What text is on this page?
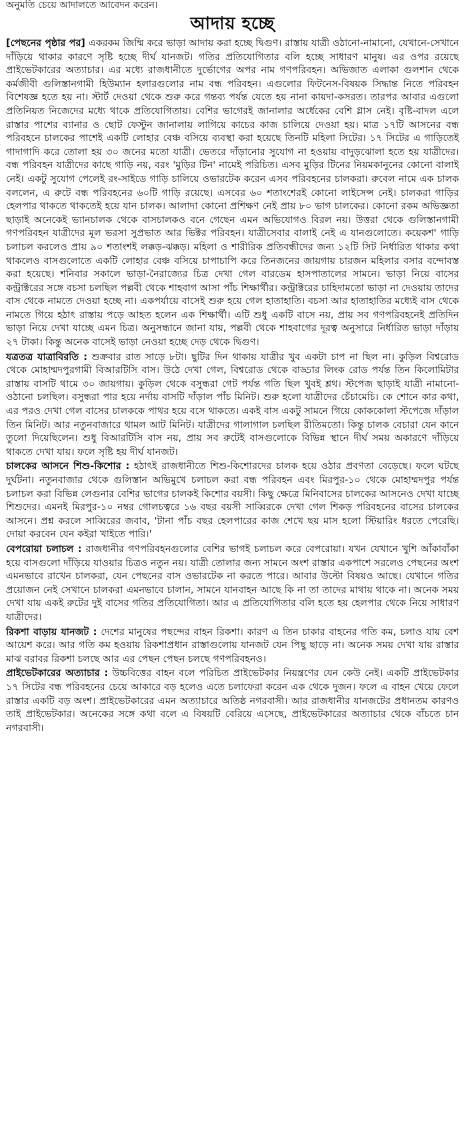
অনুমতি চেয়ে আদালতে আবেদন করেন।
আদায় হচ্ছে

[পেছনের পৃষ্ঠার পর] একরকম জিম্মি করে ভাড়া আদায় করা হচ্ছে দ্বিগুণ। রাস্তায় যাত্রী ওঠানো-নামানো, যেখানে-সেখানে দাঁড়িয়ে থাকার কারণে সৃষ্টি হচ্ছে দীর্ঘ যানজট। গতির প্রতিযোগিতার বলি হচ্ছে সাধারণ মানুষ। এর ওপর রয়েছে প্রাইভেটকারের অত্যাচার। এর মধ্যে রাজধানীতে দুর্ভোগের অপর নাম গণপরিবহন। অভিজাত এলাকা গুলশান থেকে কর্মজীবী গুলিস্তানগামী হিউম্যান হলারগুলোর নাম বন্ধ পরিবহন। এগুলোর ফিটনেস-বিষয়ক সিদ্ধান্ত নিতে পরিবহন বিশেষজ্ঞ হতে হয় না। স্টার্ট দেওয়া থেকে শুরু করে গন্তব্য পর্যন্ত যেতে হয় নানা কায়দা-কসরত। তারপর আবার এগুলো প্রতিনিয়ত নিজেদের মধ্যে থাকে প্রতিযোগিতায়। বেশির ভাগেরই জানালার অর্ধেকের বেশি গ্লাস নেই। বৃষ্টি-বাদল এলে রাস্তার পাশের ব্যানার ও ছোট ফেস্টুন জানালায় লাগিয়ে কাচের কাজ চালিয়ে দেওয়া হয়। মাত্র ১৭টি আসনের বন্ধ পরিবহনে চালকের পাশেই একটি লোহার বেঞ্চ বসিয়ে ব্যবস্থা করা হয়েছে তিনটি মহিলা সিটের। ১৭ সিটের এ গাড়িতেই গাদাগাদি করে তোলা হয় ৩০ জনের মতো যাত্রী। ভেতরে দাঁড়ানোর সুযোগ না হওয়ায় বাদুড়ঝোলা হতে হয় যাত্রীদের। বন্ধ পরিবহন যাত্রীদের কাছে গাড়ি নয়, বরং 'মুড়ির টিন' নামেই পরিচিত। এসব মুড়ির টিনের নিয়মকানুনের কোনো বালাই নেই। একটু সুযোগ পেলেই রং-সাইডে গাড়ি চালিয়ে ওভারটেক করেন এসব পরিবহনের চালকরা। রুবেল নামে এক চালক বললেন, এ রুটে বন্ধ পরিবহনের ৬০টি গাড়ি রয়েছে। এসবের ৬০ শতাংশেরই কোনো লাইসেন্স নেই। চালকরা গাড়ির হেলপার থাকতে থাকতেই হয়ে যান চালক। আলাদা কোনো প্রশিক্ষণ নেই প্রায় ৮০ ভাগ চালকের। কোনো রকম অভিজ্ঞতা ছাড়াই অনেকেই ভ্যানচালক থেকে বাসচালকও বনে গেছেন এমন অভিযোগও বিরল নয়। উত্তরা থেকে গুলিস্তানগামী গণপরিবহন যাত্রীদের মূল ভরসা সুপ্রভাত আর ভিক্টর পরিবহন। যাত্রীসেবার বালাই নেই এ যানগুলোতে। কয়েকশ' গাড়ি চলাচল করলেও প্রায় ৯০ শতাংশই লক্কড়-ঝক্কড়। মহিলা ও শারীরিক প্রতিবন্ধীদের জন্য ১২টি সিট নির্ধারিত থাকার কথা থাকলেও বাসগুলোতে একটি লোহার বেঞ্চ বসিয়ে চাপাচাপি করে তিনজনের জায়গায় চারজন মহিলার বসার বন্দোবস্ত করা হয়েছে। শনিবার সকালে ভাড়া-নৈরাজ্যের চিত্র দেখা গেল বারডেম হাসপাতালের সামনে। ভাড়া নিয়ে বাসের কন্ট্রাক্টরের সঙ্গে বচসা চলছিল পল্লবী থেকে শাহবাগ আসা পাঁচ শিক্ষার্থীর। কন্ট্রাক্টরের চাহিদামতো ভাড়া না দেওয়ায় তাদের বাস থেকে নামতে দেওয়া হচ্ছে না। একপর্যায়ে বাসেই শুরু হয়ে গেল হাতাহাতি। বচসা আর হাতাহাতির মধ্যেই বাস থেকে নামতে গিয়ে হঠাৎ রাস্তায় পড়ে আহত হলেন এক শিক্ষার্থী। এটি শুধু একটি বাসে নয়, প্রায় সব গণপরিবহনেই প্রতিদিন ভাড়া নিয়ে দেখা যাচ্ছে এমন চিত্র। অনুসন্ধানে জানা যায়, পল্লবী থেকে শাহবাগের দূরত্ব অনুসারে নির্ধারিত ভাড়া দাঁড়ায় ২৭ টাকা। কিন্তু অনেক বাসেই ভাড়া নেওয়া হচ্ছে দেড় থেকে দ্বিগুণ।

যত্রতত্র যাত্রাবিরতি : শুক্রবার রাত সাড়ে ৮টা। ছুটির দিন থাকায় যাত্রীর খুব একটা চাপ না ছিল না। কুড়িল বিশ্বরোড থেকে মোহাম্মদপুরগামী বিআরটিসি বাস। উঠে দেখা গেল, বিশ্বরোড থেকে বাড্ডার লিংক রোড পর্যন্ত তিন কিলোমিটার রাস্তায় বাসটি থামে ৩০ জায়গায়। কুড়িল থেকে বসুন্ধরা গেট পর্যন্ত গতি ছিল খুবই শ্লথ। স্টপেজ ছাড়াই যাত্রী নামানো-ওঠানো চলছিল। বসুন্ধরা পার হয়ে নর্দায় বাসটি দাঁড়াল পাঁচ মিনিট। শুরু হলো যাত্রীদের চেঁচামেচি। কে শোনে কার কথা, এর পরও দেখা গেল বাসের চালককে পাথর হয়ে বসে থাকতে। একই বাস একটু সামনে গিয়ে কোককোলা স্টপেজে দাঁড়াল তিন মিনিট। আর নতুনবাজারে থামল আট মিনিট। যাত্রীদের গালাগাল চলছিল রীতিমতো। কিন্তু চালক বেচারা যেন কানে তুলো দিয়েছিলেন। শুধু বিআরটিসি বাস নয়, প্রায় সব রুটেই বাসগুলোকে বিভিন্ন স্থানে দীর্ঘ সময় অকারণে দাঁড়িয়ে থাকতে দেখা যায়। ফলে সৃষ্টি হয় দীর্ঘ যানজট।

চালকের আসনে শিশু-কিশোর : হঠাৎই রাজধানীতে শিশু-কিশোরদের চালক হয়ে ওঠার প্রবণতা বেড়েছে। ফলে ঘটছে দুর্ঘটনা। নতুনবাজার থেকে গুলিস্তান অভিমুখে চলাচল করা বন্ধ পরিবহন এবং মিরপুর-১০ থেকে মোহাম্মদপুর পর্যন্ত চলাচল করা বিভিন্ন লেগুনার বেশির ভাগের চালকই কিশোর বয়সী। কিছু ক্ষেত্রে মিনিবাসের চালকের আসনেও দেখা যাচ্ছে শিশুদের। এমনই মিরপুর-১০ নম্বর গোলচত্বরে ১৬ বছর বয়সী সাব্বিরকে দেখা গেল শিকড় পরিবহনের বাসের চালকের আসনে। প্রশ্ন করলে সাব্বিরের জবাব, 'টানা পাঁচ বছর হেলপারের কাজ শেখে ছয় মাস হলো স্টিয়ারিং ধরতে পেরেছি। দোয়া করবেন যেন কইরা খাইতে পারি।'

বেপরোয়া চলাচল : রাজধানীর গণপরিবহনগুলোর বেশির ভাগই চলাচল করে বেপরোয়া। যখন যেখানে খুশি আঁকাবাঁকা হয়ে বাসগুলো দাঁড়িয়ে যাওয়ার চিত্রও নতুন নয়। যাত্রী তোলার জন্য সামনে অংশ রাস্তার একপাশে সরলেও পেছনের অংশ এমনভাবে রাখেন চালকরা, যেন পেছনের বাস ওভারটেক না করতে পারে। আবার উল্টো বিষয়ও আছে। যেখানে গতির প্রয়োজন নেই সেখানে চালকরা এমনভাবে চালান, সামনে যানবাহন আছে কি না তা তাদের মাথায় থাকে না। অনেক সময় দেখা যায় একই রুটের দুই বাসের গতির প্রতিযোগিতা। আর এ প্রতিযোগিতার বলি হতে হয় হেলপার থেকে নিয়ে সাধারণ যাত্রীদের।

রিকশা বাড়ায় যানজট : দেশের মানুষের পছন্দের বাহন রিকশা। কারণ এ তিন চাকার বাহনের গতি কম, চলাও যায় বেশ আয়েশ করে। আর গতি কম হওয়ায় রিকশাপ্রধান রাস্তাগুলোয় যানজট যেন পিছু ছাড়ে না। অনেক সময় দেখা যায় রাস্তার মাঝ বরাবর রিকশা চলছে আর এর পেছন পেছন চলছে গণপরিবহনও।

প্রাইভেটকারের অত্যাচার : উচ্চবিত্তের বাহন বলে পরিচিত প্রাইভেটকার নিয়ন্ত্রণের যেন কেউ নেই। একটি প্রাইভেটকার ১৭ সিটের বন্ধ পরিবহনের চেয়ে আকারে বড় হলেও এতে চলাফেরা করেন এক থেকে দুজন। ফলে এ বাহন খেয়ে ফেলে রাস্তার একটি বড় অংশ। প্রাইভেটকারের এমন অত্যাচারে অতিষ্ঠ নগরবাসী। আর রাজধানীর যানজটের প্রধানতম কারণও তাই প্রাইভেটকার। অনেকের সঙ্গে কথা বলে এ বিষয়টি বেরিয়ে এসেছে, প্রাইভেটকারের অত্যাচার থেকে বাঁচতে চান নগরবাসী।
